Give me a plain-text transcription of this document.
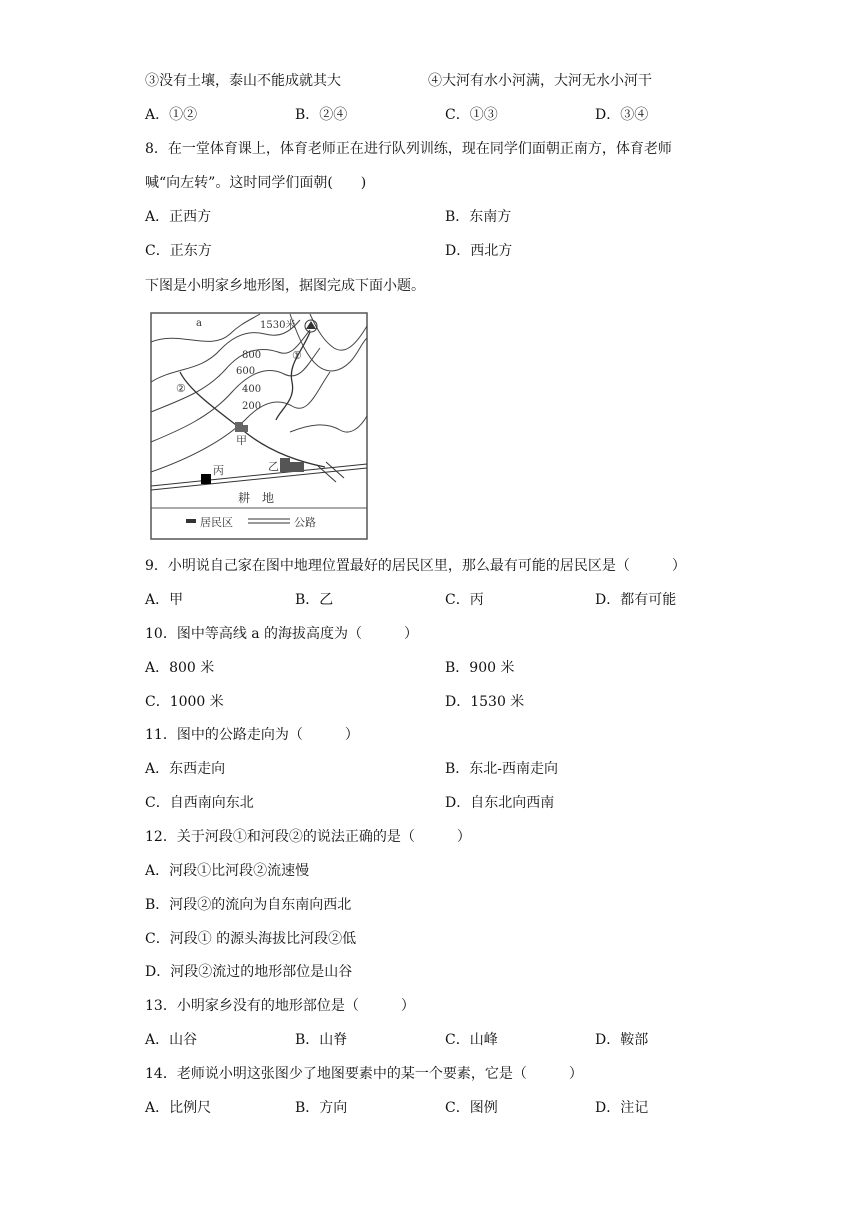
③没有土壤，泰山不能成就其大	④大河有水小河满，大河无水小河干
A．①②	B．②④	C．①③	D．③④
8．在一堂体育课上，体育老师正在进行队列训练，现在同学们面朝正南方，体育老师
喊“向左转”。这时同学们面朝(　　)
A．正西方	B．东南方
C．正东方	D．西北方
下图是小明家乡地形图，据图完成下面小题。
a	1530米
800
600
400
200
①
②
甲
乙
丙
耕　地
居民区	公路
9．小明说自己家在图中地理位置最好的居民区里，那么最有可能的居民区是（　　　）
A．甲	B．乙	C．丙	D．都有可能
10．图中等高线 a 的海拔高度为（　　　）
A．800 米	B．900 米
C．1000 米	D．1530 米
11．图中的公路走向为（　　　）
A．东西走向	B．东北-西南走向
C．自西南向东北	D．自东北向西南
12．关于河段①和河段②的说法正确的是（　　　）
A．河段①比河段②流速慢
B．河段②的流向为自东南向西北
C．河段① 的源头海拔比河段②低
D．河段②流过的地形部位是山谷
13．小明家乡没有的地形部位是（　　　）
A．山谷	B．山脊	C．山峰	D．鞍部
14．老师说小明这张图少了地图要素中的某一个要素，它是（　　　）
A．比例尺	B．方向	C．图例	D．注记
